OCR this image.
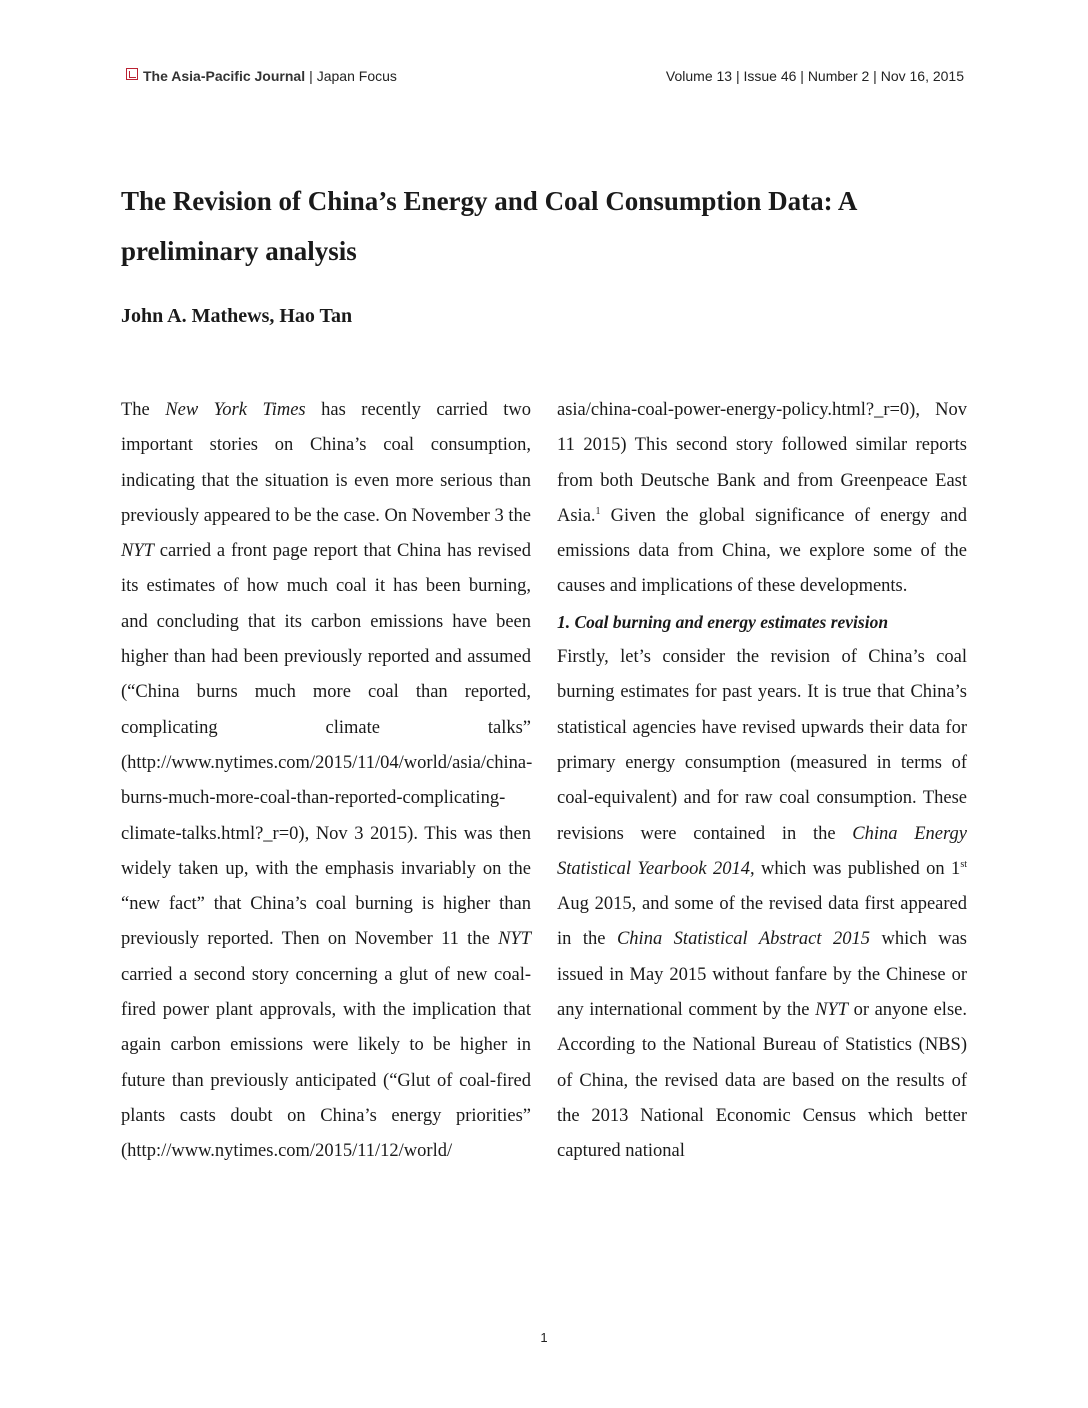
The Asia-Pacific Journal | Japan Focus	Volume 13 | Issue 46 | Number 2 | Nov 16, 2015
The Revision of China’s Energy and Coal Consumption Data: A preliminary analysis
John A. Mathews, Hao Tan

The New York Times has recently carried two important stories on China’s coal consumption, indicating that the situation is even more serious than previously appeared to be the case. On November 3 the NYT carried a front page report that China has revised its estimates of how much coal it has been burning, and concluding that its carbon emissions have been higher than had been previously reported and assumed (“China burns much more coal than reported, complicating climate talks” (http://www.nytimes.com/2015/11/04/world/asia/china-burns-much-more-coal-than-reported-complicating-climate-talks.html?_r=0), Nov 3 2015). This was then widely taken up, with the emphasis invariably on the “new fact” that China’s coal burning is higher than previously reported. Then on November 11 the NYT carried a second story concerning a glut of new coal-fired power plant approvals, with the implication that again carbon emissions were likely to be higher in future than previously anticipated (“Glut of coal-fired plants casts doubt on China’s energy priorities” (http://www.nytimes.com/2015/11/12/world/

asia/china-coal-power-energy-policy.html?_r=0), Nov 11 2015) This second story followed similar reports from both Deutsche Bank and from Greenpeace East Asia.$^1$ Given the global significance of energy and emissions data from China, we explore some of the causes and implications of these developments.

1. Coal burning and energy estimates revision

Firstly, let’s consider the revision of China’s coal burning estimates for past years. It is true that China’s statistical agencies have revised upwards their data for primary energy consumption (measured in terms of coal-equivalent) and for raw coal consumption. These revisions were contained in the China Energy Statistical Yearbook 2014, which was published on 1st Aug 2015, and some of the revised data first appeared in the China Statistical Abstract 2015 which was issued in May 2015 without fanfare by the Chinese or any international comment by the NYT or anyone else. According to the National Bureau of Statistics (NBS) of China, the revised data are based on the results of the 2013 National Economic Census which better captured national

1
